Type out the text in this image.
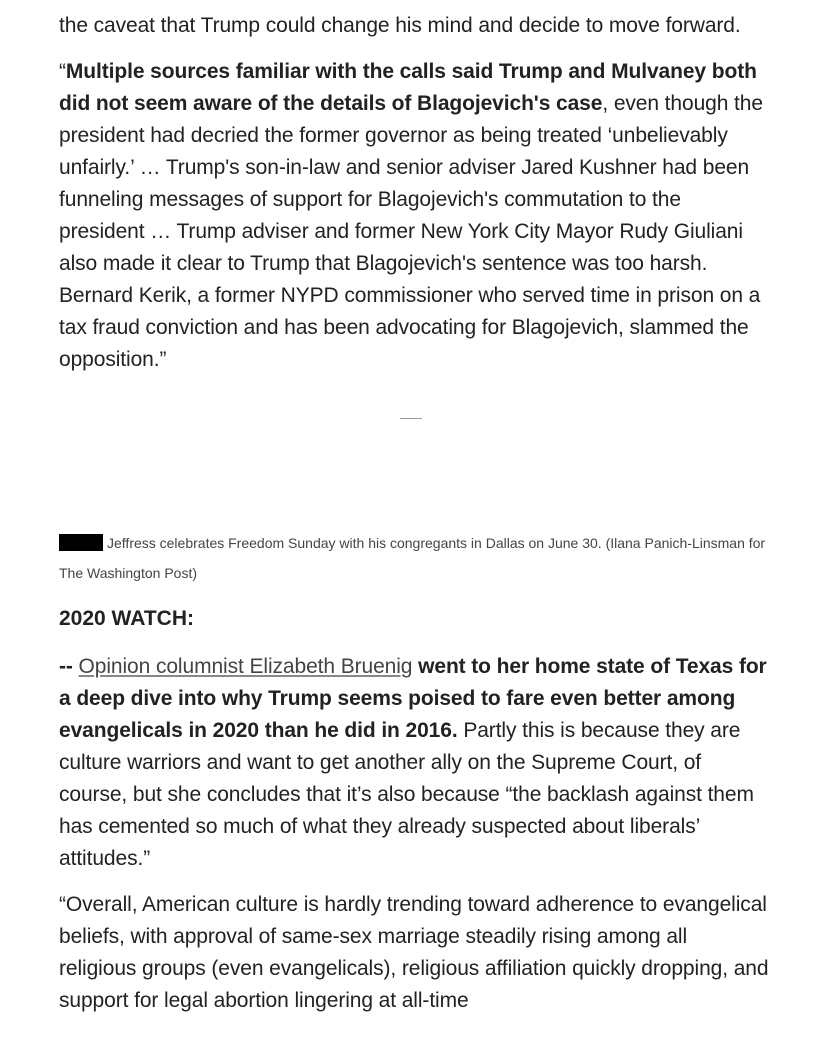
the caveat that Trump could change his mind and decide to move forward.

“Multiple sources familiar with the calls said Trump and Mulvaney both did not seem aware of the details of Blagojevich's case, even though the president had decried the former governor as being treated ‘unbelievably unfairly.’ … Trump's son-in-law and senior adviser Jared Kushner had been funneling messages of support for Blagojevich's commutation to the president … Trump adviser and former New York City Mayor Rudy Giuliani also made it clear to Trump that Blagojevich's sentence was too harsh. Bernard Kerik, a former NYPD commissioner who served time in prison on a tax fraud conviction and has been advocating for Blagojevich, slammed the opposition.”

Jeffress celebrates Freedom Sunday with his congregants in Dallas on June 30. (Ilana Panich-Linsman for The Washington Post)
2020 WATCH:

-- Opinion columnist Elizabeth Bruenig went to her home state of Texas for a deep dive into why Trump seems poised to fare even better among evangelicals in 2020 than he did in 2016. Partly this is because they are culture warriors and want to get another ally on the Supreme Court, of course, but she concludes that it’s also because “the backlash against them has cemented so much of what they already suspected about liberals’ attitudes.”

“Overall, American culture is hardly trending toward adherence to evangelical beliefs, with approval of same-sex marriage steadily rising among all religious groups (even evangelicals), religious affiliation quickly dropping, and support for legal abortion lingering at all-time
